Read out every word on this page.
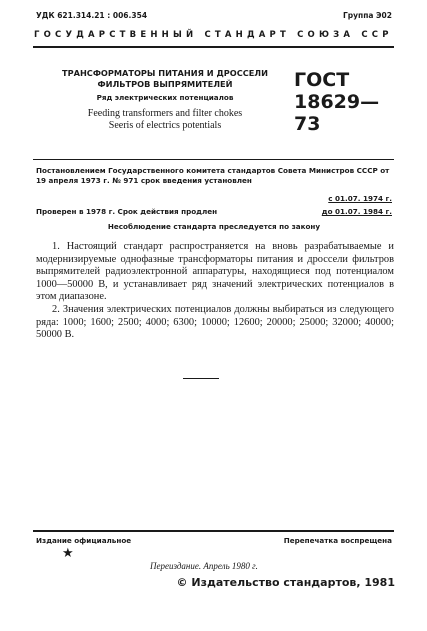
УДК 621.314.21 : 006.354	Группа Э02
ГОСУДАРСТВЕННЫЙ СТАНДАРТ СОЮЗА ССР
ТРАНСФОРМАТОРЫ ПИТАНИЯ И ДРОССЕЛИ
ФИЛЬТРОВ ВЫПРЯМИТЕЛЕЙ
Ряд электрических потенциалов
Feeding transformers and filter chokes
Seeris of electrics potentials
ГОСТ
18629—73
Постановлением Государственного комитета стандартов Совета Министров СССР от 19 апреля 1973 г. № 971 срок введения установлен
с 01.07. 1974 г.
Проверен в 1978 г. Срок действия продлен	до 01.07. 1984 г.
Несоблюдение стандарта преследуется по закону

1. Настоящий стандарт распространяется на вновь разрабатываемые и модернизируемые однофазные трансформаторы питания и дроссели фильтров выпрямителей радиоэлектронной аппаратуры, находящиеся под потенциалом 1000—50000 В, и устанавливает ряд значений электрических потенциалов в этом диапазоне.

2. Значения электрических потенциалов должны выбираться из следующего ряда: 1000; 1600; 2500; 4000; 6300; 10000; 12600; 20000; 25000; 32000; 40000; 50000 В.

Издание официальное
★
Перепечатка воспрещена
Переиздание. Апрель 1980 г.
© Издательство стандартов, 1981
